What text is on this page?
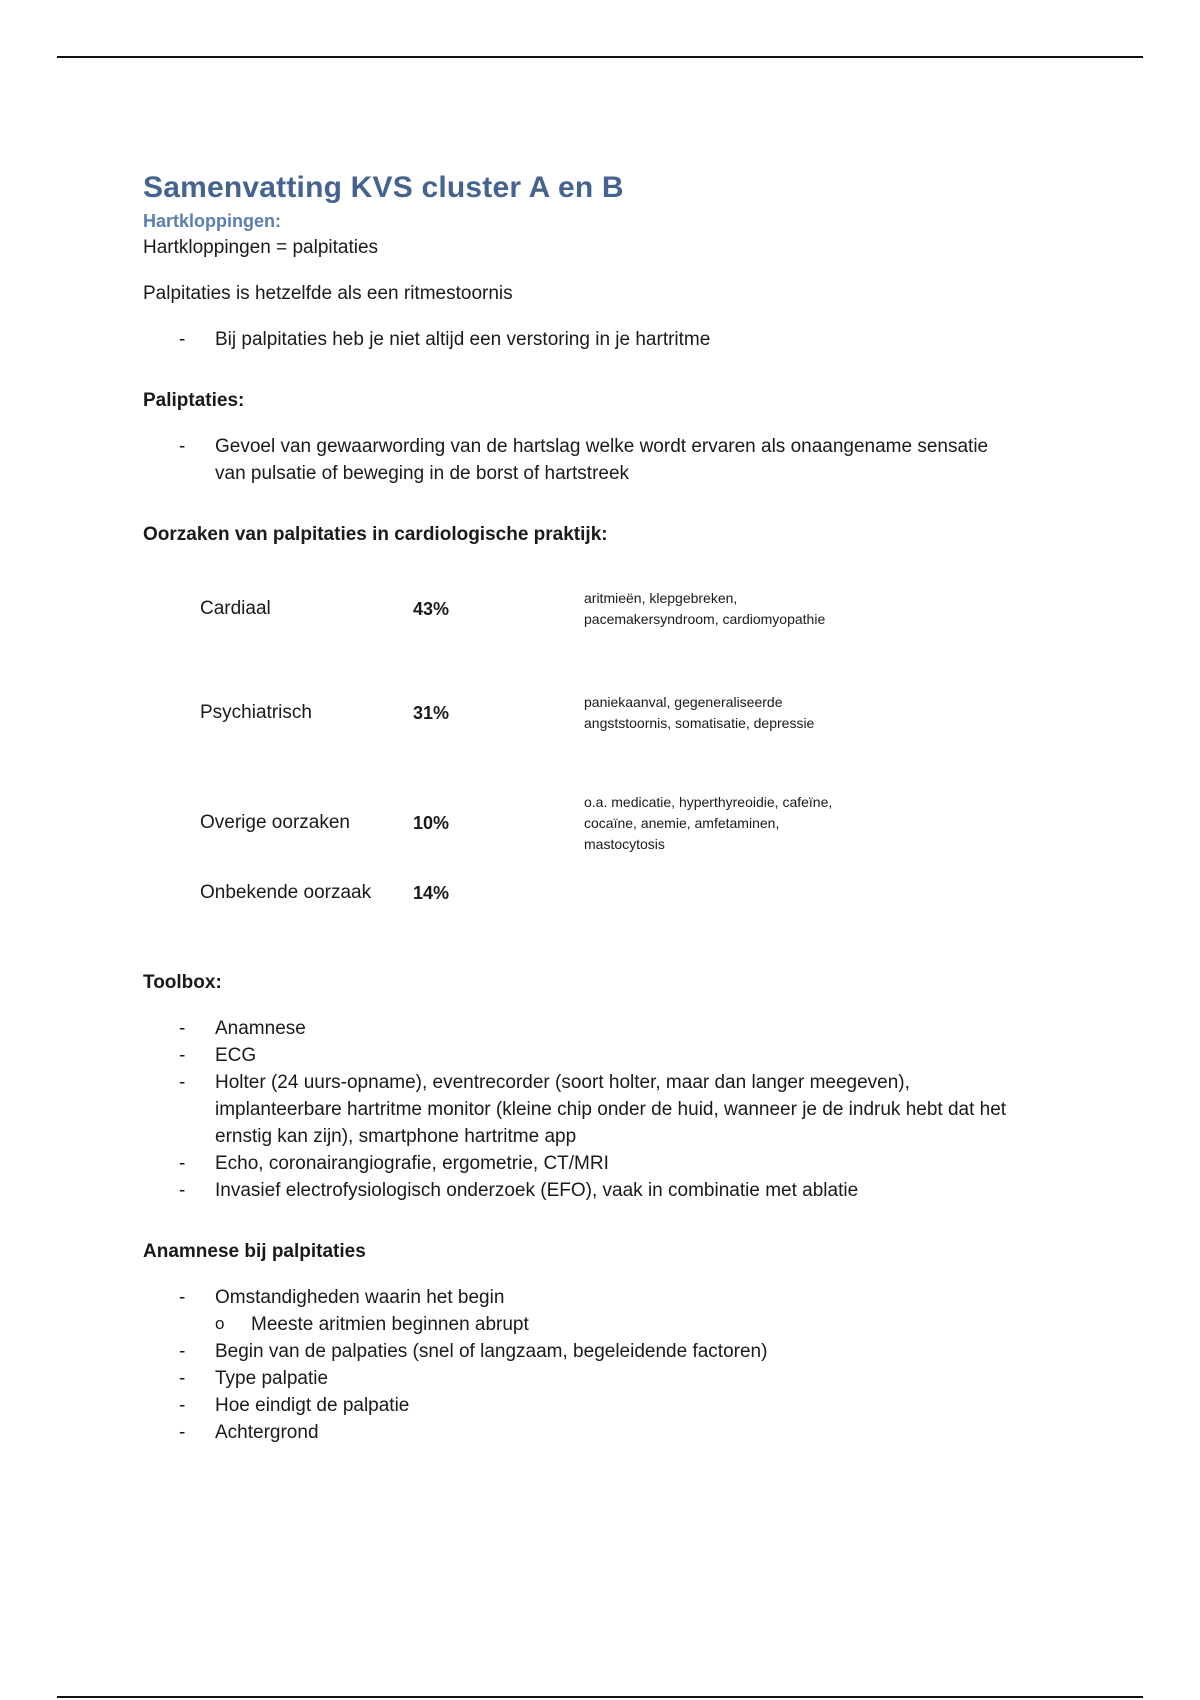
Samenvatting KVS cluster A en B
Hartkloppingen:

Hartkloppingen = palpitaties

Palpitaties is hetzelfde als een ritmestoornis

- Bij palpitaties heb je niet altijd een verstoring in je hartritme

Paliptaties:

- Gevoel van gewaarwording van de hartslag welke wordt ervaren als onaangename sensatie van pulsatie of beweging in de borst of hartstreek

Oorzaken van palpitaties in cardiologische praktijk:

Cardiaal	43%
aritmieën, klepgebreken, pacemakersyndroom, cardiomyopathie
Psychiatrisch	31%
paniekaanval, gegeneraliseerde angststoornis, somatisatie, depressie
Overige oorzaken	10%
o.a. medicatie, hyperthyreoidie, cafeïne, cocaïne, anemie, amfetaminen, mastocytosis
Onbekende oorzaak	14%

Toolbox:

- Anamnese
- ECG
- Holter (24 uurs-opname), eventrecorder (soort holter, maar dan langer meegeven), implanteerbare hartritme monitor (kleine chip onder de huid, wanneer je de indruk hebt dat het ernstig kan zijn), smartphone hartritme app
- Echo, coronairangiografie, ergometrie, CT/MRI
- Invasief electrofysiologisch onderzoek (EFO), vaak in combinatie met ablatie

Anamnese bij palpitaties

- Omstandigheden waarin het begin
o Meeste aritmien beginnen abrupt
- Begin van de palpaties (snel of langzaam, begeleidende factoren)
- Type palpatie
- Hoe eindigt de palpatie
- Achtergrond
